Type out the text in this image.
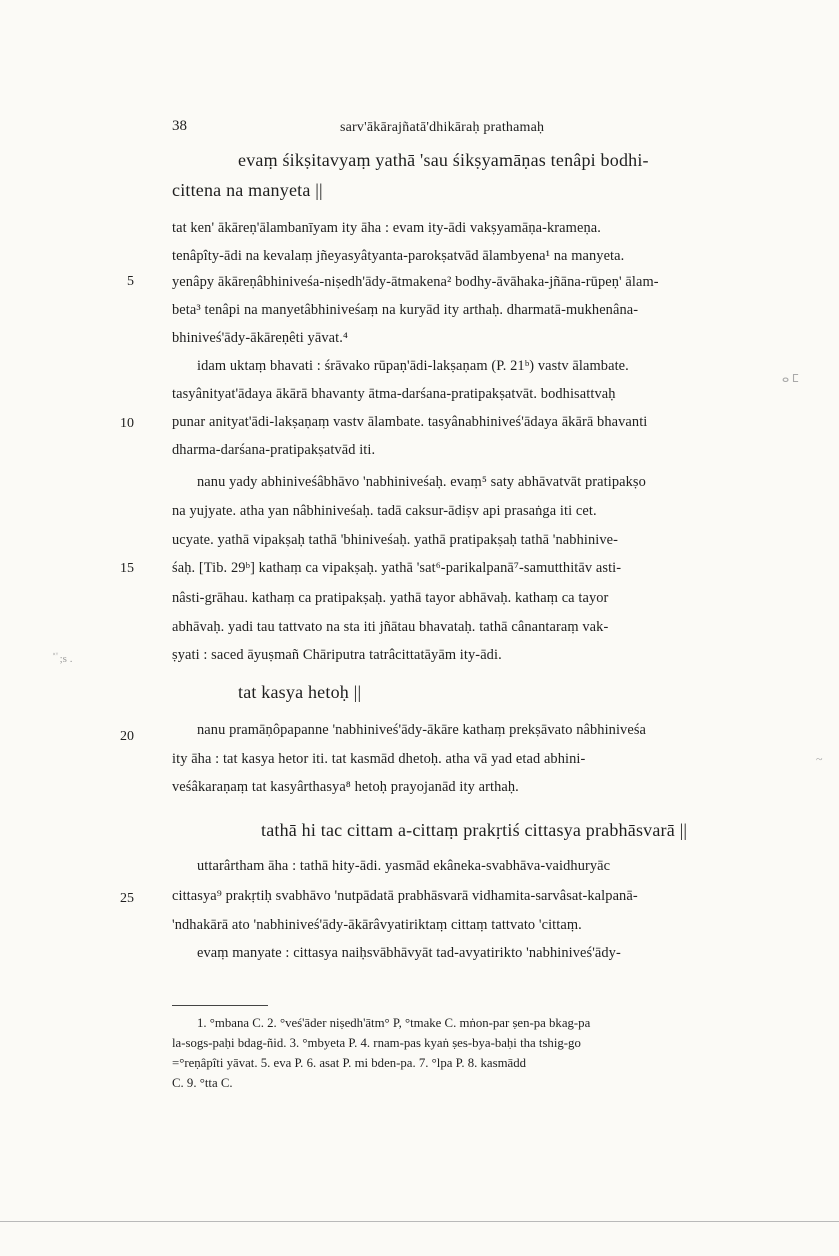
38	sarv'ākārajñatā'dhikāraḥ prathamaḥ
evaṃ śikṣitavyaṃ yathā 'sau śikṣyamāṇas tenâpi bodhi-
cittena na manyeta ||
tat ken' ākāreṇ'ālambanīyam ity āha : evam ity-ādi vakṣyamāṇa-krameṇa.
tenâpîty-ādi na kevalaṃ jñeyasyâtyanta-parokṣatvād ālambyena¹ na manyeta.
5	yenâpy ākāreṇâbhiniveśa-niṣedh'ādy-ātmakena² bodhy-āvāhaka-jñāna-rūpeṇ' ālam-
beta³ tenâpi na manyetâbhiniveśaṃ na kuryād ity arthaḥ. dharmatā-mukhenâna-
bhiniveś'ādy-ākāreṇêti yāvat.⁴
idam uktaṃ bhavati : śrāvako rūpaṇ'ādi-lakṣaṇam (P. 21ᵇ) vastv ālambate.
tasyânityat'ādaya ākārā bhavanty ātma-darśana-pratipakṣatvāt. bodhisattvaḥ
10	punar anityat'ādi-lakṣaṇaṃ vastv ālambate. tasyânabhiniveś'ādaya ākārā bhavanti
dharma-darśana-pratipakṣatvād iti.
nanu yady abhiniveśâbhāvo 'nabhiniveśaḥ. evaṃ⁵ saty abhāvatvāt pratipakṣo
na yujyate. atha yan nâbhiniveśaḥ. tadā caksur-ādiṣv api prasaṅga iti cet.
ucyate. yathā vipakṣaḥ tathā 'bhiniveśaḥ. yathā pratipakṣaḥ tathā 'nabhinive-
15	śaḥ. [Tib. 29ᵇ] kathaṃ ca vipakṣaḥ. yathā 'sat⁶-parikalpanā⁷-samutthitāv asti-
nâsti-grāhau. kathaṃ ca pratipakṣaḥ. yathā tayor abhāvaḥ. kathaṃ ca tayor
abhāvaḥ. yadi tau tattvato na sta iti jñātau bhavataḥ. tathā cânantaraṃ vak-
ṣyati : saced āyuṣmañ Chāriputra tatrâcittatāyām ity-ādi.
tat kasya hetoḥ ||
20	nanu pramāṇôpapanne 'nabhiniveś'ādy-ākāre kathaṃ prekṣāvato nâbhiniveśa
ity āha : tat kasya hetor iti. tat kasmād dhetoḥ. atha vā yad etad abhini-
veśâkaraṇaṃ tat kasyârthasya⁸ hetoḥ prayojanād ity arthaḥ.
tathā hi tac cittam a-cittaṃ prakṛtiś cittasya prabhāsvarā ||
uttarârtham āha : tathā hity-ādi. yasmād ekâneka-svabhāva-vaidhuryāc
25	cittasya⁹ prakṛtiḥ svabhāvo 'nutpādatā prabhāsvarā vidhamita-sarvâsat-kalpanā-
'ndhakārā ato 'nabhiniveś'ādy-ākārâvyatiriktaṃ cittaṃ tattvato 'cittaṃ.
evaṃ manyate : cittasya naiḥsvābhāvyāt tad-avyatirikto 'nabhiniveś'ādy-
1. °mbana C. 2. °veś'āder niṣedh'ātm° P, °tmake C. mṅon-par ṣen-pa bkag-pa
la-sogs-paḥi bdag-ñid. 3. °mbyeta P. 4. rnam-pas kyaṅ ṣes-bya-baḥi tha tshig-go
=°reṇâpîti yāvat. 5. eva P. 6. asat P. mi bden-pa. 7. °lpa P. 8. kasmādd
C. 9. °tta C.
ⷯ ⷮ ;s .
ⴰ ⵎ
~
